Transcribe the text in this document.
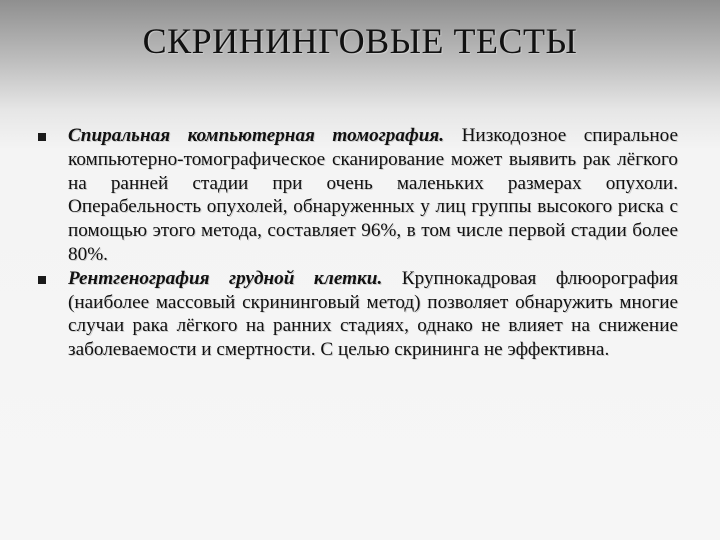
СКРИНИНГОВЫЕ ТЕСТЫ
Спиральная компьютерная томография. Низкодозное спиральное компьютерно-томографическое сканирование может выявить рак лёгкого на ранней стадии при очень маленьких размерах опухоли. Операбельность опухолей, обнаруженных у лиц группы высокого риска с помощью этого метода, составляет 96%, в том числе первой стадии более 80%.
Рентгенография грудной клетки. Крупнокадровая флюорография (наиболее массовый скрининговый метод) позволяет обнаружить многие случаи рака лёгкого на ранних стадиях, однако не влияет на снижение заболеваемости и смертности. С целью скрининга не эффективна.
